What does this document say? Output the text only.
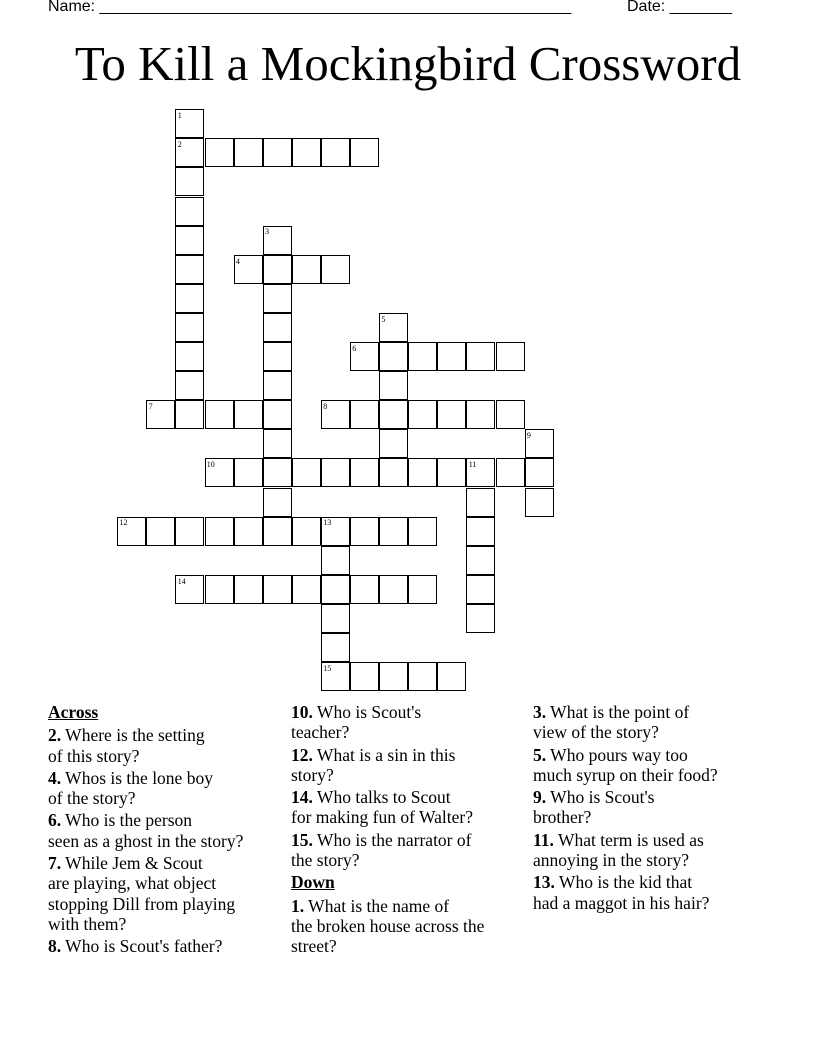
Name: _____________________________________________________	Date: _______
To Kill a Mockingbird Crossword
1
2
3
4
5
6
7	8
9
10	11
12	13
14
15
Across
2. Where is the setting
of this story?
4. Whos is the lone boy
of the story?
6. Who is the person
seen as a ghost in the story?
7. While Jem & Scout
are playing, what object
stopping Dill from playing
with them?
8. Who is Scout's father?
10. Who is Scout's
teacher?
12. What is a sin in this
story?
14. Who talks to Scout
for making fun of Walter?
15. Who is the narrator of
the story?
Down
1. What is the name of
the broken house across the
street?
3. What is the point of
view of the story?
5. Who pours way too
much syrup on their food?
9. Who is Scout's
brother?
11. What term is used as
annoying in the story?
13. Who is the kid that
had a maggot in his hair?
